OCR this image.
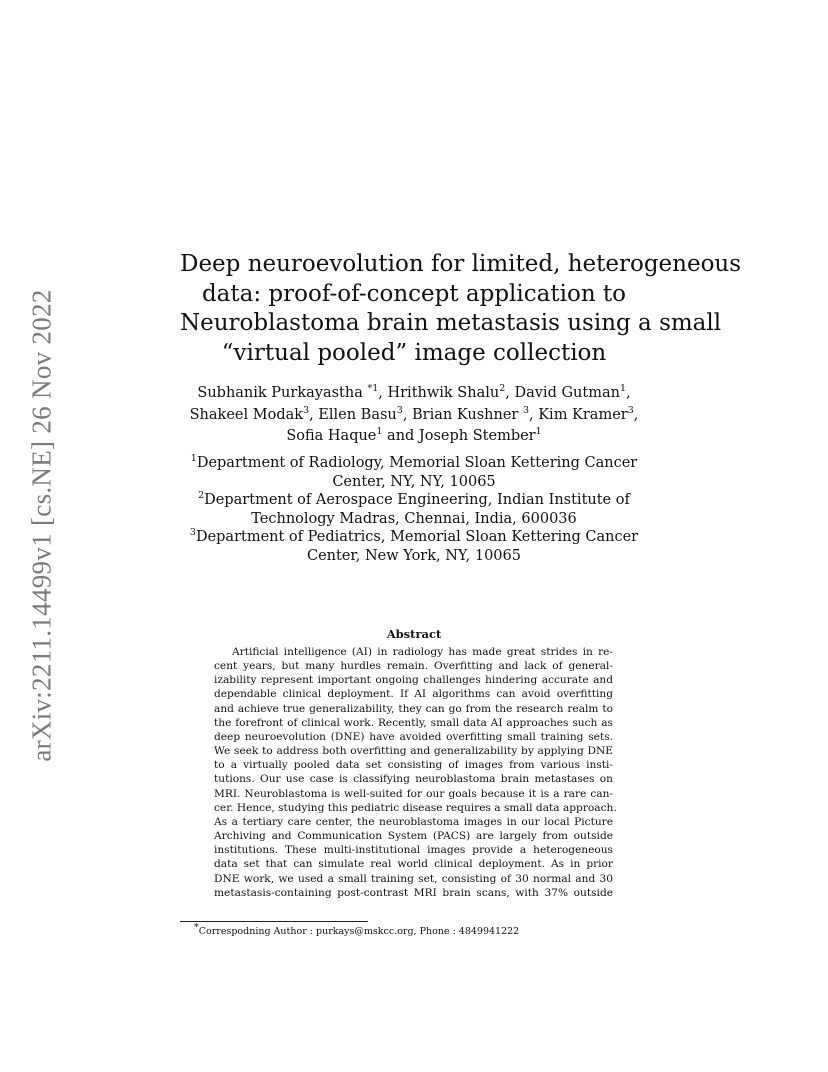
arXiv:2211.14499v1 [cs.NE] 26 Nov 2022
Deep neuroevolution for limited, heterogeneous
data: proof-of-concept application to
Neuroblastoma brain metastasis using a small
“virtual pooled” image collection
Subhanik Purkayastha $^{*1}$, Hrithwik Shalu$^2$, David Gutman$^1$,
Shakeel Modak$^3$, Ellen Basu$^3$, Brian Kushner $^3$, Kim Kramer$^3$,
Sofia Haque$^1$ and Joseph Stember$^1$
$^1$Department of Radiology, Memorial Sloan Kettering Cancer
Center, NY, NY, 10065
$^2$Department of Aerospace Engineering, Indian Institute of
Technology Madras, Chennai, India, 600036
$^3$Department of Pediatrics, Memorial Sloan Kettering Cancer
Center, New York, NY, 10065
Abstract
Artificial intelligence (AI) in radiology has made great strides in re-
cent years, but many hurdles remain. Overfitting and lack of general-
izability represent important ongoing challenges hindering accurate and
dependable clinical deployment. If AI algorithms can avoid overfitting
and achieve true generalizability, they can go from the research realm to
the forefront of clinical work. Recently, small data AI approaches such as
deep neuroevolution (DNE) have avoided overfitting small training sets.
We seek to address both overfitting and generalizability by applying DNE
to a virtually pooled data set consisting of images from various insti-
tutions. Our use case is classifying neuroblastoma brain metastases on
MRI. Neuroblastoma is well-suited for our goals because it is a rare can-
cer. Hence, studying this pediatric disease requires a small data approach.
As a tertiary care center, the neuroblastoma images in our local Picture
Archiving and Communication System (PACS) are largely from outside
institutions. These multi-institutional images provide a heterogeneous
data set that can simulate real world clinical deployment. As in prior
DNE work, we used a small training set, consisting of 30 normal and 30
metastasis-containing post-contrast MRI brain scans, with 37% outside
*Correspodning Author : purkays@mskcc.org, Phone : 4849941222
